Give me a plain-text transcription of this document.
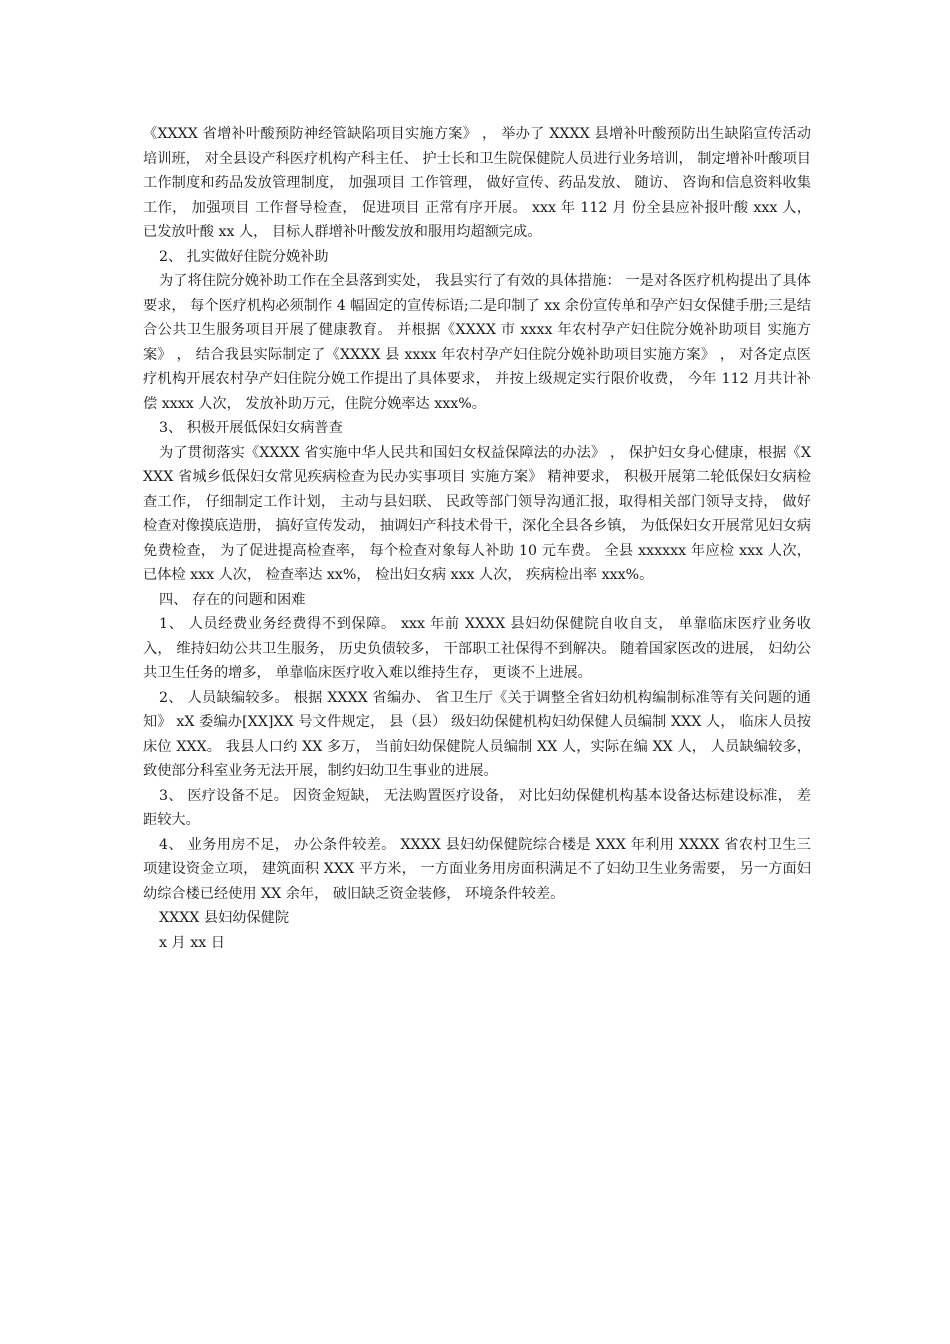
《XXXX 省增补叶酸预防神经管缺陷项目实施方案》 ， 举办了 XXXX 县增补叶酸预防出生缺陷宣传活动培训班， 对全县设产科医疗机构产科主任、 护士长和卫生院保健院人员进行业务培训， 制定增补叶酸项目 工作制度和药品发放管理制度， 加强项目 工作管理， 做好宣传、药品发放、 随访、 咨询和信息资料收集工作， 加强项目 工作督导检查， 促进项目 正常有序开展。 xxx 年 112 月 份全县应补报叶酸 xxx 人， 已发放叶酸 xx 人， 目标人群增补叶酸发放和服用均超额完成。

2、 扎实做好住院分娩补助

为了将住院分娩补助工作在全县落到实处， 我县实行了有效的具体措施： 一是对各医疗机构提出了具体要求， 每个医疗机构必须制作 4 幅固定的宣传标语;二是印制了 xx 余份宣传单和孕产妇女保健手册;三是结合公共卫生服务项目开展了健康教育。 并根据《XXXX 市 xxxx 年农村孕产妇住院分娩补助项目 实施方案》 ， 结合我县实际制定了《XXXX 县 xxxx 年农村孕产妇住院分娩补助项目实施方案》 ， 对各定点医疗机构开展农村孕产妇住院分娩工作提出了具体要求， 并按上级规定实行限价收费， 今年 112 月共计补偿 xxxx 人次， 发放补助万元，住院分娩率达 xxx%。

3、 积极开展低保妇女病普查

为了贯彻落实《XXXX 省实施中华人民共和国妇女权益保障法的办法》 ， 保护妇女身心健康，根据《XXXX 省城乡低保妇女常见疾病检查为民办实事项目 实施方案》 精神要求， 积极开展第二轮低保妇女病检查工作， 仔细制定工作计划， 主动与县妇联、 民政等部门领导沟通汇报，取得相关部门领导支持， 做好检查对像摸底造册， 搞好宣传发动， 抽调妇产科技术骨干，深化全县各乡镇， 为低保妇女开展常见妇女病免费检查， 为了促进提高检查率， 每个检查对象每人补助 10 元车费。 全县 xxxxxx 年应检 xxx 人次， 已体检 xxx 人次， 检查率达 xx%， 检出妇女病 xxx 人次， 疾病检出率 xxx%。

四、 存在的问题和困难

1、 人员经费业务经费得不到保障。 xxx 年前 XXXX 县妇幼保健院自收自支， 单靠临床医疗业务收入， 维持妇幼公共卫生服务， 历史负债较多， 干部职工社保得不到解决。 随着国家医改的进展， 妇幼公共卫生任务的增多， 单靠临床医疗收入难以维持生存， 更谈不上进展。

2、 人员缺编较多。 根据 XXXX 省编办、 省卫生厅《关于调整全省妇幼机构编制标准等有关问题的通知》 xX 委编办[XX]XX 号文件规定， 县（县） 级妇幼保健机构妇幼保健人员编制 XXX 人， 临床人员按床位 XXX。 我县人口约 XX 多万， 当前妇幼保健院人员编制 XX 人，实际在编 XX 人， 人员缺编较多， 致使部分科室业务无法开展，制约妇幼卫生事业的进展。

3、 医疗设备不足。 因资金短缺， 无法购置医疗设备， 对比妇幼保健机构基本设备达标建设标准， 差距较大。

4、 业务用房不足， 办公条件较差。 XXXX 县妇幼保健院综合楼是 XXX 年利用 XXXX 省农村卫生三项建设资金立项， 建筑面积 XXX 平方米， 一方面业务用房面积满足不了妇幼卫生业务需要， 另一方面妇幼综合楼已经使用 XX 余年， 破旧缺乏资金装修， 环境条件较差。

XXXX 县妇幼保健院

x 月 xx 日
